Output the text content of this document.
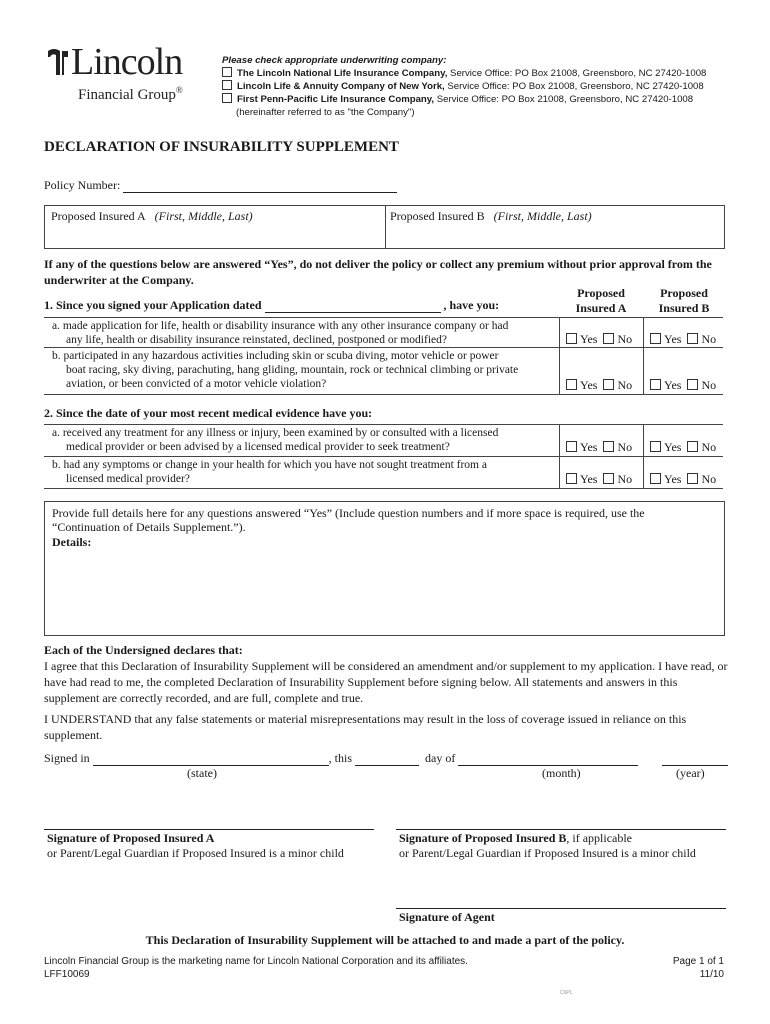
Lincoln
Financial Group®
Please check appropriate underwriting company:
The Lincoln National Life Insurance Company, Service Office: PO Box 21008, Greensboro, NC 27420-1008
Lincoln Life & Annuity Company of New York, Service Office: PO Box 21008, Greensboro, NC 27420-1008
First Penn-Pacific Life Insurance Company, Service Office: PO Box 21008, Greensboro, NC 27420-1008
(hereinafter referred to as "the Company")
DECLARATION OF INSURABILITY SUPPLEMENT
Policy Number:
Proposed Insured A (First, Middle, Last)	Proposed Insured B (First, Middle, Last)
If any of the questions below are answered “Yes”, do not deliver the policy or collect any premium without prior approval from the underwriter at the Company.
1. Since you signed your Application dated	, have you:
Proposed Insured A
Proposed Insured B
a. made application for life, health or disability insurance with any other insurance company or had
any life, health or disability insurance reinstated, declined, postponed or modified?	Yes No	Yes No
b. participated in any hazardous activities including skin or scuba diving, motor vehicle or power
boat racing, sky diving, parachuting, hang gliding, mountain, rock or technical climbing or private aviation, or been convicted of a motor vehicle violation?	Yes No	Yes No
2. Since the date of your most recent medical evidence have you:
a. received any treatment for any illness or injury, been examined by or consulted with a licensed
medical provider or been advised by a licensed medical provider to seek treatment?	Yes No	Yes No
b. had any symptoms or change in your health for which you have not sought treatment from a
licensed medical provider?	Yes No	Yes No
Provide full details here for any questions answered “Yes” (Include question numbers and if more space is required, use the “Continuation of Details Supplement.”).
Details:
Each of the Undersigned declares that:
I agree that this Declaration of Insurability Supplement will be considered an amendment and/or supplement to my application. I have read, or have had read to me, the completed Declaration of Insurability Supplement before signing below. All statements and answers in this supplement are correctly recorded, and are full, complete and true.
I UNDERSTAND that any false statements or material misrepresentations may result in the loss of coverage issued in reliance on this supplement.
Signed in	, this	day of
(state)	(month)	(year)
Signature of Proposed Insured A
or Parent/Legal Guardian if Proposed Insured is a minor child
Signature of Proposed Insured B, if applicable
or Parent/Legal Guardian if Proposed Insured is a minor child
Signature of Agent
This Declaration of Insurability Supplement will be attached to and made a part of the policy.
Lincoln Financial Group is the marketing name for Lincoln National Corporation and its affiliates.
LFF10069
Page 1 of 1
11/10
C6PL
